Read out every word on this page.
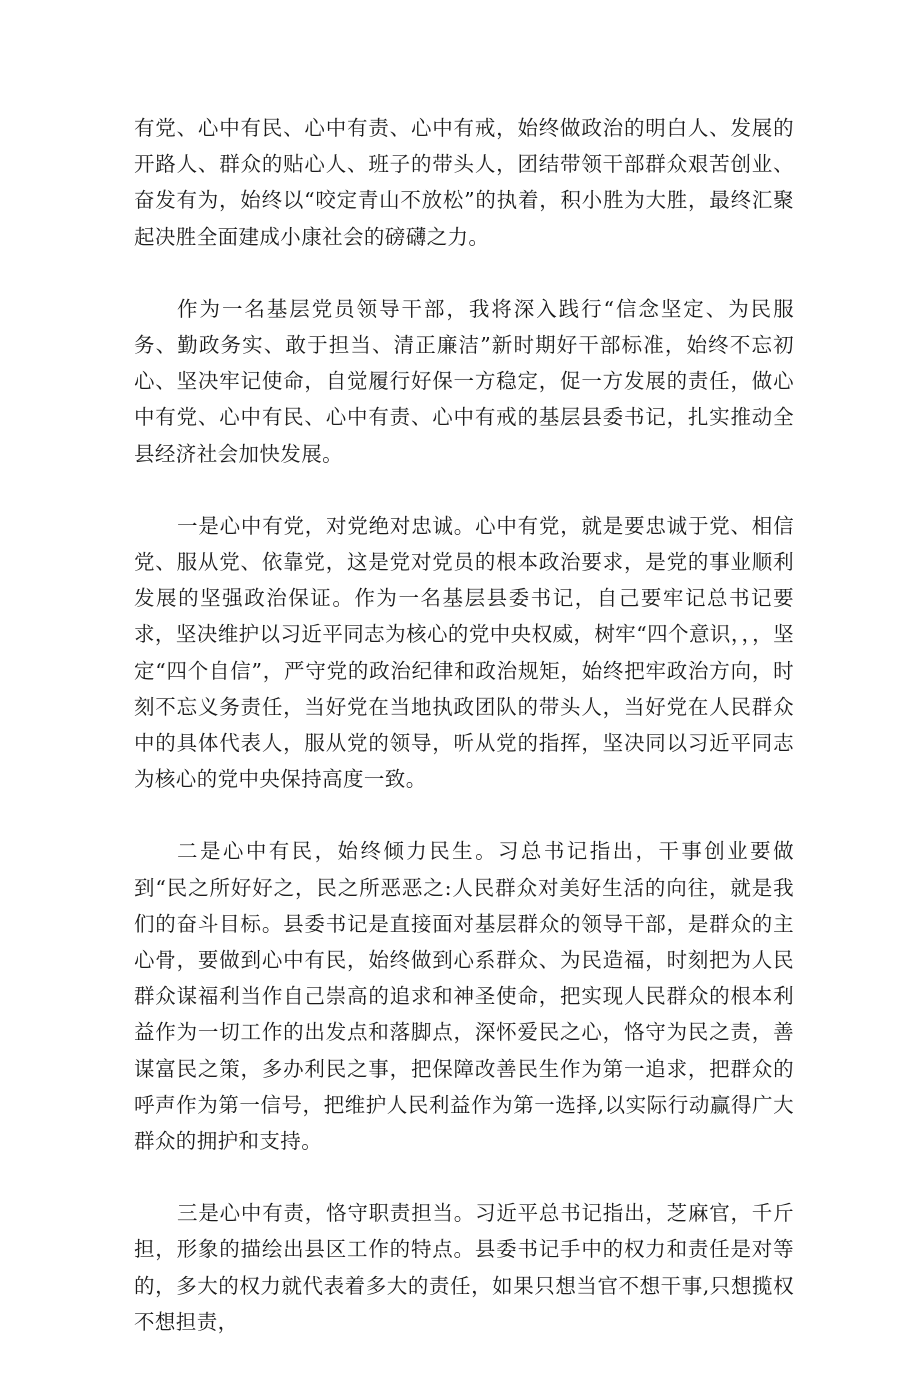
有党、心中有民、心中有责、心中有戒，始终做政治的明白人、发展的开路人、群众的贴心人、班子的带头人，团结带领干部群众艰苦创业、奋发有为，始终以“咬定青山不放松”的执着，积小胜为大胜，最终汇聚起决胜全面建成小康社会的磅礴之力。

作为一名基层党员领导干部，我将深入践行“信念坚定、为民服务、勤政务实、敢于担当、清正廉洁”新时期好干部标准，始终不忘初心、坚决牢记使命，自觉履行好保一方稳定，促一方发展的责任，做心中有党、心中有民、心中有责、心中有戒的基层县委书记，扎实推动全县经济社会加快发展。

一是心中有党，对党绝对忠诚。心中有党，就是要忠诚于党、相信党、服从党、依靠党，这是党对党员的根本政治要求，是党的事业顺利发展的坚强政治保证。作为一名基层县委书记，自己要牢记总书记要求，坚决维护以习近平同志为核心的党中央权威，树牢“四个意识，，，坚定“四个自信”，严守党的政治纪律和政治规矩，始终把牢政治方向，时刻不忘义务责任，当好党在当地执政团队的带头人，当好党在人民群众中的具体代表人，服从党的领导，听从党的指挥，坚决同以习近平同志为核心的党中央保持高度一致。

二是心中有民，始终倾力民生。习总书记指出，干事创业要做到“民之所好好之，民之所恶恶之:人民群众对美好生活的向往，就是我们的奋斗目标。县委书记是直接面对基层群众的领导干部，是群众的主心骨，要做到心中有民，始终做到心系群众、为民造福，时刻把为人民群众谋福利当作自己崇高的追求和神圣使命，把实现人民群众的根本利益作为一切工作的出发点和落脚点，深怀爱民之心，恪守为民之责，善谋富民之策，多办利民之事，把保障改善民生作为第一追求，把群众的呼声作为第一信号，把维护人民利益作为第一选择,以实际行动赢得广大群众的拥护和支持。

三是心中有责，恪守职责担当。习近平总书记指出，芝麻官，千斤担，形象的描绘出县区工作的特点。县委书记手中的权力和责任是对等的，多大的权力就代表着多大的责任，如果只想当官不想干事,只想揽权不想担责，
